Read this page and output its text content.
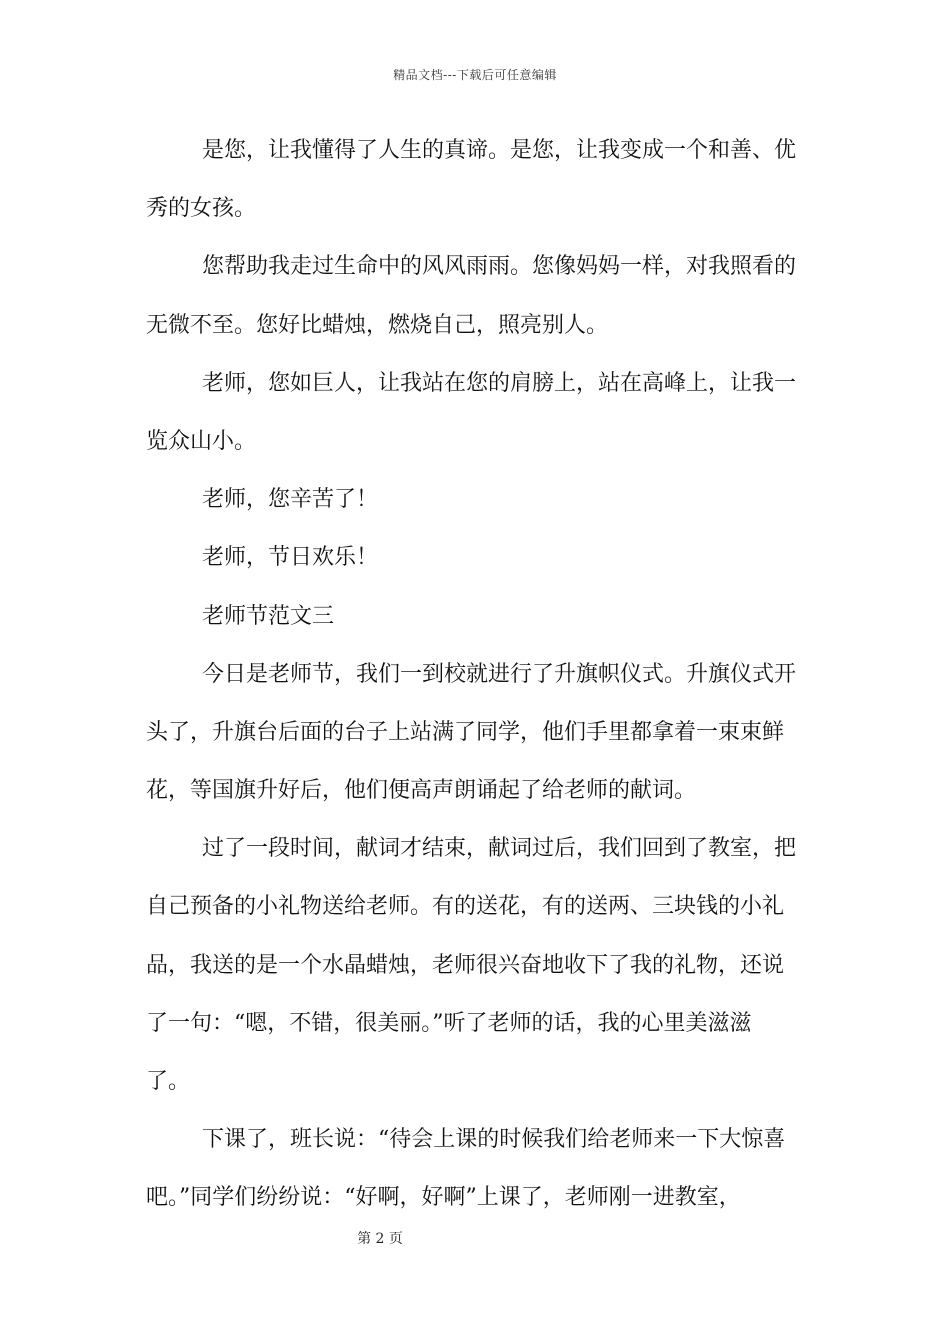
精品文档---下载后可任意编辑
是您，让我懂得了人生的真谛。是您，让我变成一个和善、优
秀的女孩。
您帮助我走过生命中的风风雨雨。您像妈妈一样，对我照看的
无微不至。您好比蜡烛，燃烧自己，照亮别人。
老师，您如巨人，让我站在您的肩膀上，站在高峰上，让我一
览众山小。
老师，您辛苦了！
老师，节日欢乐！
老师节范文三
今日是老师节，我们一到校就进行了升旗帜仪式。升旗仪式开
头了，升旗台后面的台子上站满了同学，他们手里都拿着一束束鲜
花，等国旗升好后，他们便高声朗诵起了给老师的献词。
过了一段时间，献词才结束，献词过后，我们回到了教室，把
自己预备的小礼物送给老师。有的送花，有的送两、三块钱的小礼
品，我送的是一个水晶蜡烛，老师很兴奋地收下了我的礼物，还说
了一句：“嗯，不错，很美丽。”听了老师的话，我的心里美滋滋
了。
下课了，班长说：“待会上课的时候我们给老师来一下大惊喜
吧。”同学们纷纷说：“好啊，好啊”上课了，老师刚一进教室，
第 2 页
